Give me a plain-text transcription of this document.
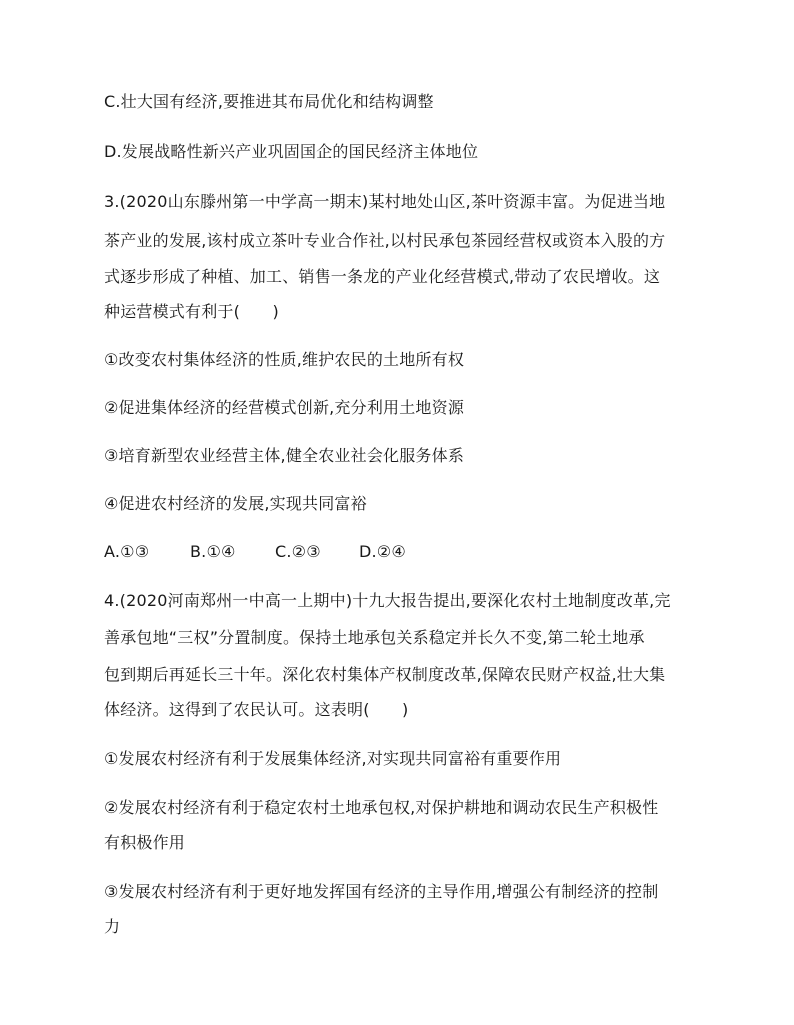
C.壮大国有经济,要推进其布局优化和结构调整
D.发展战略性新兴产业巩固国企的国民经济主体地位
3.(2020山东滕州第一中学高一期末)某村地处山区,茶叶资源丰富。为促进当地
茶产业的发展,该村成立茶叶专业合作社,以村民承包茶园经营权或资本入股的方
式逐步形成了种植、加工、销售一条龙的产业化经营模式,带动了农民增收。这
种运营模式有利于(　　)
①改变农村集体经济的性质,维护农民的土地所有权
②促进集体经济的经营模式创新,充分利用土地资源
③培育新型农业经营主体,健全农业社会化服务体系
④促进农村经济的发展,实现共同富裕
A.①③	B.①④ C.②③ D.②④
4.(2020河南郑州一中高一上期中)十九大报告提出,要深化农村土地制度改革,完
善承包地“三权”分置制度。保持土地承包关系稳定并长久不变,第二轮土地承
包到期后再延长三十年。深化农村集体产权制度改革,保障农民财产权益,壮大集
体经济。这得到了农民认可。这表明(　　)
①发展农村经济有利于发展集体经济,对实现共同富裕有重要作用
②发展农村经济有利于稳定农村土地承包权,对保护耕地和调动农民生产积极性
有积极作用
③发展农村经济有利于更好地发挥国有经济的主导作用,增强公有制经济的控制
力
